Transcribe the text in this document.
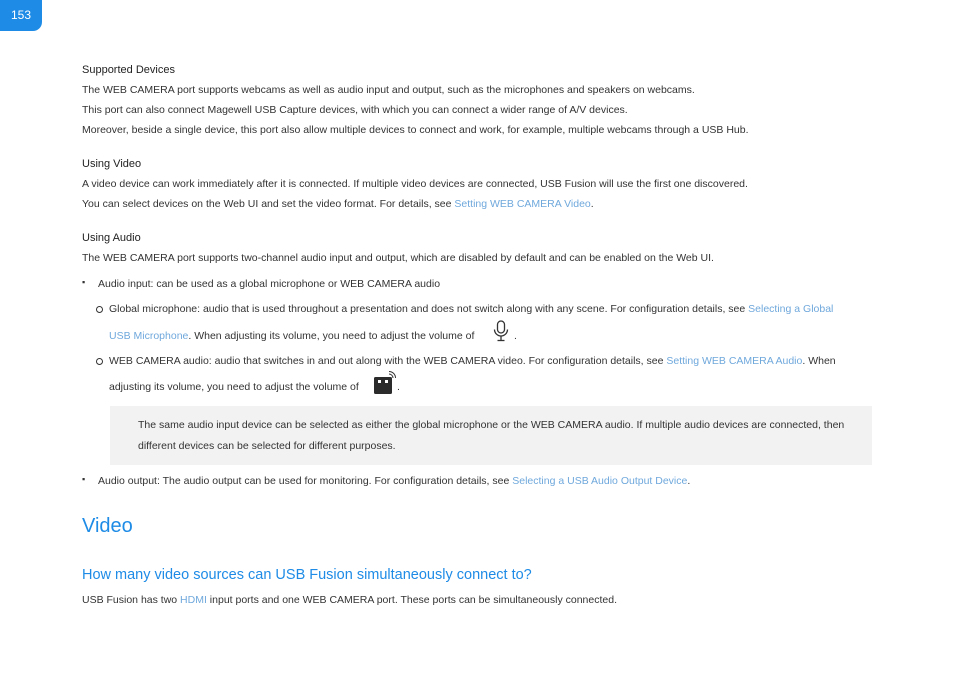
153
Supported Devices
The WEB CAMERA port supports webcams as well as audio input and output, such as the microphones and speakers on webcams.
This port can also connect Magewell USB Capture devices, with which you can connect a wider range of A/V devices.
Moreover, beside a single device, this port also allow multiple devices to connect and work, for example, multiple webcams through a USB Hub.
Using Video
A video device can work immediately after it is connected. If multiple video devices are connected, USB Fusion will use the first one discovered.
You can select devices on the Web UI and set the video format. For details, see Setting WEB CAMERA Video.
Using Audio
The WEB CAMERA port supports two-channel audio input and output, which are disabled by default and can be enabled on the Web UI.
▪ Audio input: can be used as a global microphone or WEB CAMERA audio
Global microphone: audio that is used throughout a presentation and does not switch along with any scene. For configuration details, see Selecting a Global
USB Microphone. When adjusting its volume, you need to adjust the volume of	.
WEB CAMERA audio: audio that switches in and out along with the WEB CAMERA video. For configuration details, see Setting WEB CAMERA Audio. When
adjusting its volume, you need to adjust the volume of	.
The same audio input device can be selected as either the global microphone or the WEB CAMERA audio. If multiple audio devices are connected, then
different devices can be selected for different purposes.
▪ Audio output: The audio output can be used for monitoring. For configuration details, see Selecting a USB Audio Output Device.
Video
How many video sources can USB Fusion simultaneously connect to?
USB Fusion has two HDMI input ports and one WEB CAMERA port. These ports can be simultaneously connected.
